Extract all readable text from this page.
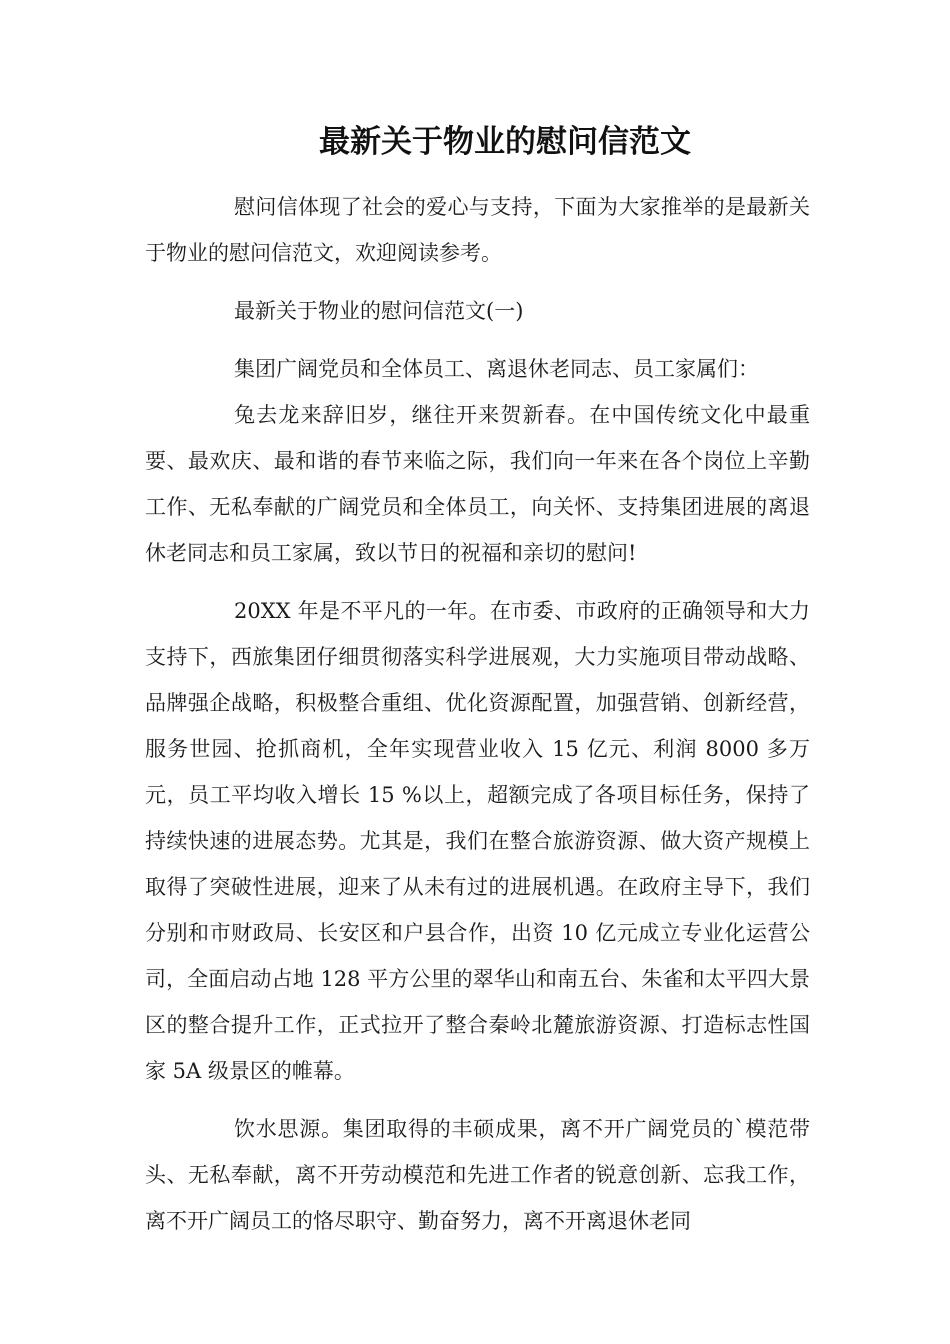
最新关于物业的慰问信范文

慰问信体现了社会的爱心与支持，下面为大家推举的是最新关于物业的慰问信范文，欢迎阅读参考。

最新关于物业的慰问信范文(一)

集团广阔党员和全体员工、离退休老同志、员工家属们：

兔去龙来辞旧岁，继往开来贺新春。在中国传统文化中最重要、最欢庆、最和谐的春节来临之际，我们向一年来在各个岗位上辛勤工作、无私奉献的广阔党员和全体员工，向关怀、支持集团进展的离退休老同志和员工家属，致以节日的祝福和亲切的慰问!

20XX 年是不平凡的一年。在市委、市政府的正确领导和大力支持下，西旅集团仔细贯彻落实科学进展观，大力实施项目带动战略、品牌强企战略，积极整合重组、优化资源配置，加强营销、创新经营，服务世园、抢抓商机，全年实现营业收入 15 亿元、利润 8000 多万元，员工平均收入增长 15 %以上，超额完成了各项目标任务，保持了持续快速的进展态势。尤其是，我们在整合旅游资源、做大资产规模上取得了突破性进展，迎来了从未有过的进展机遇。在政府主导下，我们分别和市财政局、长安区和户县合作，出资 10 亿元成立专业化运营公司，全面启动占地 128 平方公里的翠华山和南五台、朱雀和太平四大景区的整合提升工作，正式拉开了整合秦岭北麓旅游资源、打造标志性国家 5A 级景区的帷幕。

饮水思源。集团取得的丰硕成果，离不开广阔党员的`模范带头、无私奉献，离不开劳动模范和先进工作者的锐意创新、忘我工作，离不开广阔员工的恪尽职守、勤奋努力，离不开离退休老同
